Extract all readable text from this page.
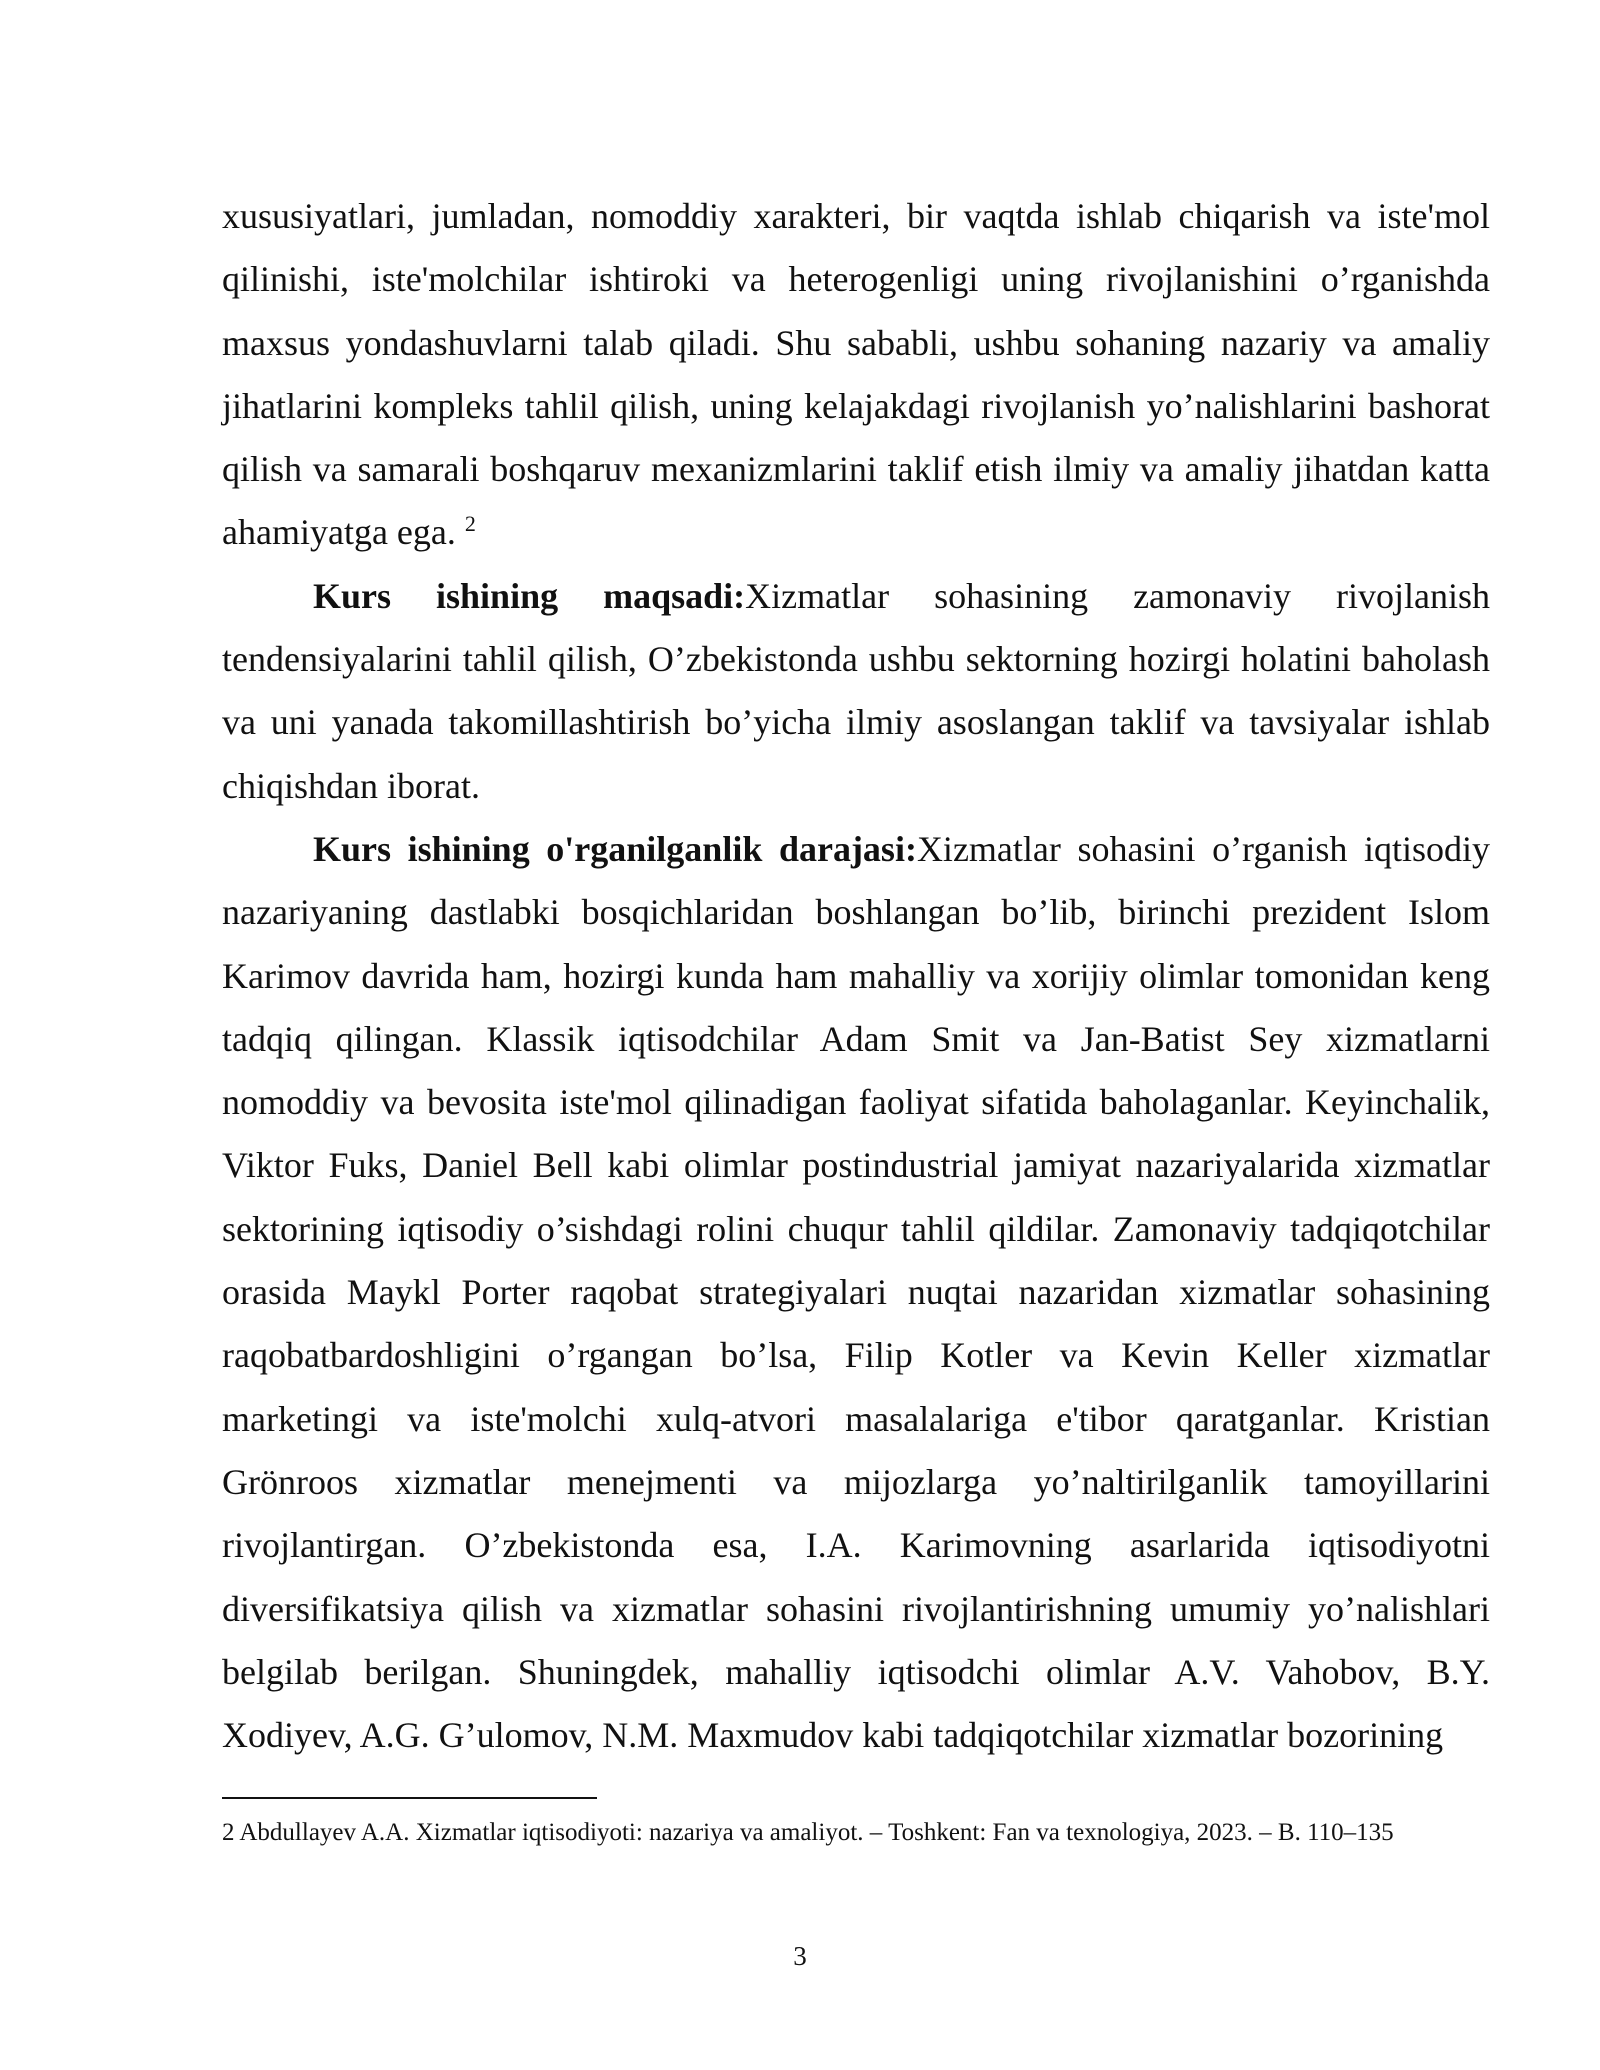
xususiyatlari, jumladan, nomoddiy xarakteri, bir vaqtda ishlab chiqarish va iste'mol qilinishi, iste'molchilar ishtiroki va heterogenligi uning rivojlanishini o’rganishda maxsus yondashuvlarni talab qiladi. Shu sababli, ushbu sohaning nazariy va amaliy jihatlarini kompleks tahlil qilish, uning kelajakdagi rivojlanish yo’nalishlarini bashorat qilish va samarali boshqaruv mexanizmlarini taklif etish ilmiy va amaliy jihatdan katta ahamiyatga ega. $^2$

Kurs ishining maqsadi:Xizmatlar sohasining zamonaviy rivojlanish tendensiyalarini tahlil qilish, O’zbekistonda ushbu sektorning hozirgi holatini baholash va uni yanada takomillashtirish bo’yicha ilmiy asoslangan taklif va tavsiyalar ishlab chiqishdan iborat.

Kurs ishining o'rganilganlik darajasi:Xizmatlar sohasini o’rganish iqtisodiy nazariyaning dastlabki bosqichlaridan boshlangan bo’lib, birinchi prezident Islom Karimov davrida ham, hozirgi kunda ham mahalliy va xorijiy olimlar tomonidan keng tadqiq qilingan. Klassik iqtisodchilar Adam Smit va Jan-Batist Sey xizmatlarni nomoddiy va bevosita iste'mol qilinadigan faoliyat sifatida baholaganlar. Keyinchalik, Viktor Fuks, Daniel Bell kabi olimlar postindustrial jamiyat nazariyalarida xizmatlar sektorining iqtisodiy o’sishdagi rolini chuqur tahlil qildilar. Zamonaviy tadqiqotchilar orasida Maykl Porter raqobat strategiyalari nuqtai nazaridan xizmatlar sohasining raqobatbardoshligini o’rgangan bo’lsa, Filip Kotler va Kevin Keller xizmatlar marketingi va iste'molchi xulq-atvori masalalariga e'tibor qaratganlar. Kristian Grönroos xizmatlar menejmenti va mijozlarga yo’naltirilganlik tamoyillarini rivojlantirgan. O’zbekistonda esa, I.A. Karimovning asarlarida iqtisodiyotni diversifikatsiya qilish va xizmatlar sohasini rivojlantirishning umumiy yo’nalishlari belgilab berilgan. Shuningdek, mahalliy iqtisodchi olimlar A.V. Vahobov, B.Y. Xodiyev, A.G. G’ulomov, N.M. Maxmudov kabi tadqiqotchilar xizmatlar bozorining

2 Abdullayev A.A. Xizmatlar iqtisodiyoti: nazariya va amaliyot. – Toshkent: Fan va texnologiya, 2023. – B. 110–135
3
